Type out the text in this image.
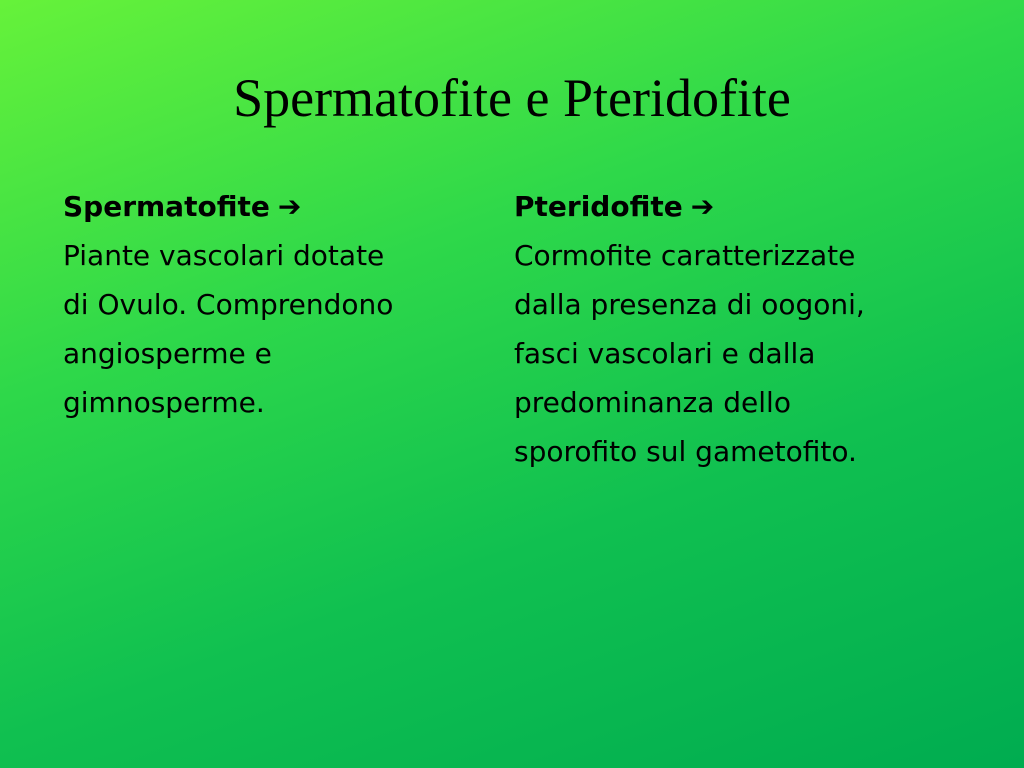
Spermatofite e Pteridofite
Spermatofite ➔
Piante vascolari dotate
di Ovulo. Comprendono
angiosperme e
gimnosperme.
Pteridofite ➔
Cormofite caratterizzate
dalla presenza di oogoni,
fasci vascolari e dalla
predominanza dello
sporofito sul gametofito.
